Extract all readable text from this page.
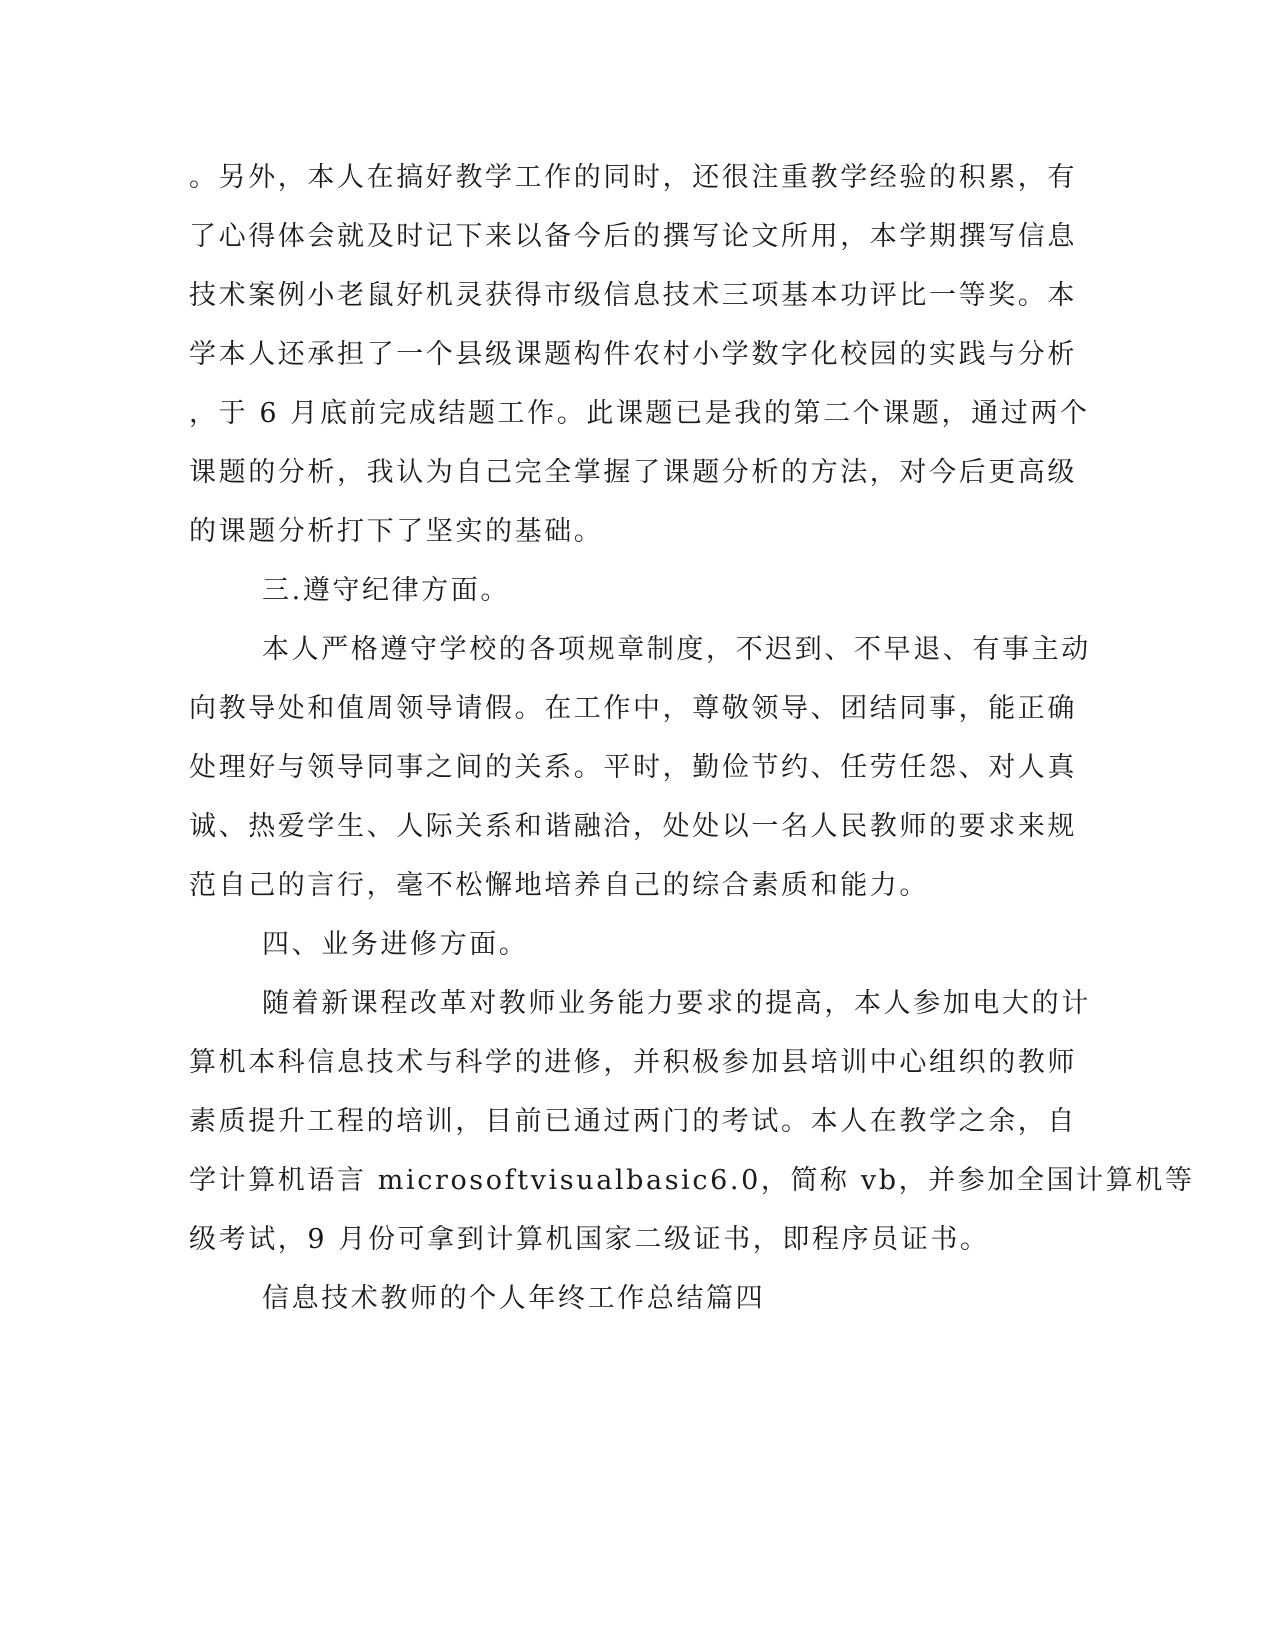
。另外，本人在搞好教学工作的同时，还很注重教学经验的积累，有
了心得体会就及时记下来以备今后的撰写论文所用，本学期撰写信息
技术案例小老鼠好机灵获得市级信息技术三项基本功评比一等奖。本
学本人还承担了一个县级课题构件农村小学数字化校园的实践与分析
，于 6 月底前完成结题工作。此课题已是我的第二个课题，通过两个
课题的分析，我认为自己完全掌握了课题分析的方法，对今后更高级
的课题分析打下了坚实的基础。
三.遵守纪律方面。
本人严格遵守学校的各项规章制度，不迟到、不早退、有事主动
向教导处和值周领导请假。在工作中，尊敬领导、团结同事，能正确
处理好与领导同事之间的关系。平时，勤俭节约、任劳任怨、对人真
诚、热爱学生、人际关系和谐融洽，处处以一名人民教师的要求来规
范自己的言行，毫不松懈地培养自己的综合素质和能力。
四、业务进修方面。
随着新课程改革对教师业务能力要求的提高，本人参加电大的计
算机本科信息技术与科学的进修，并积极参加县培训中心组织的教师
素质提升工程的培训，目前已通过两门的考试。本人在教学之余，自
学计算机语言 microsoftvisualbasic6.0，简称 vb，并参加全国计算机等
级考试，9 月份可拿到计算机国家二级证书，即程序员证书。
信息技术教师的个人年终工作总结篇四
